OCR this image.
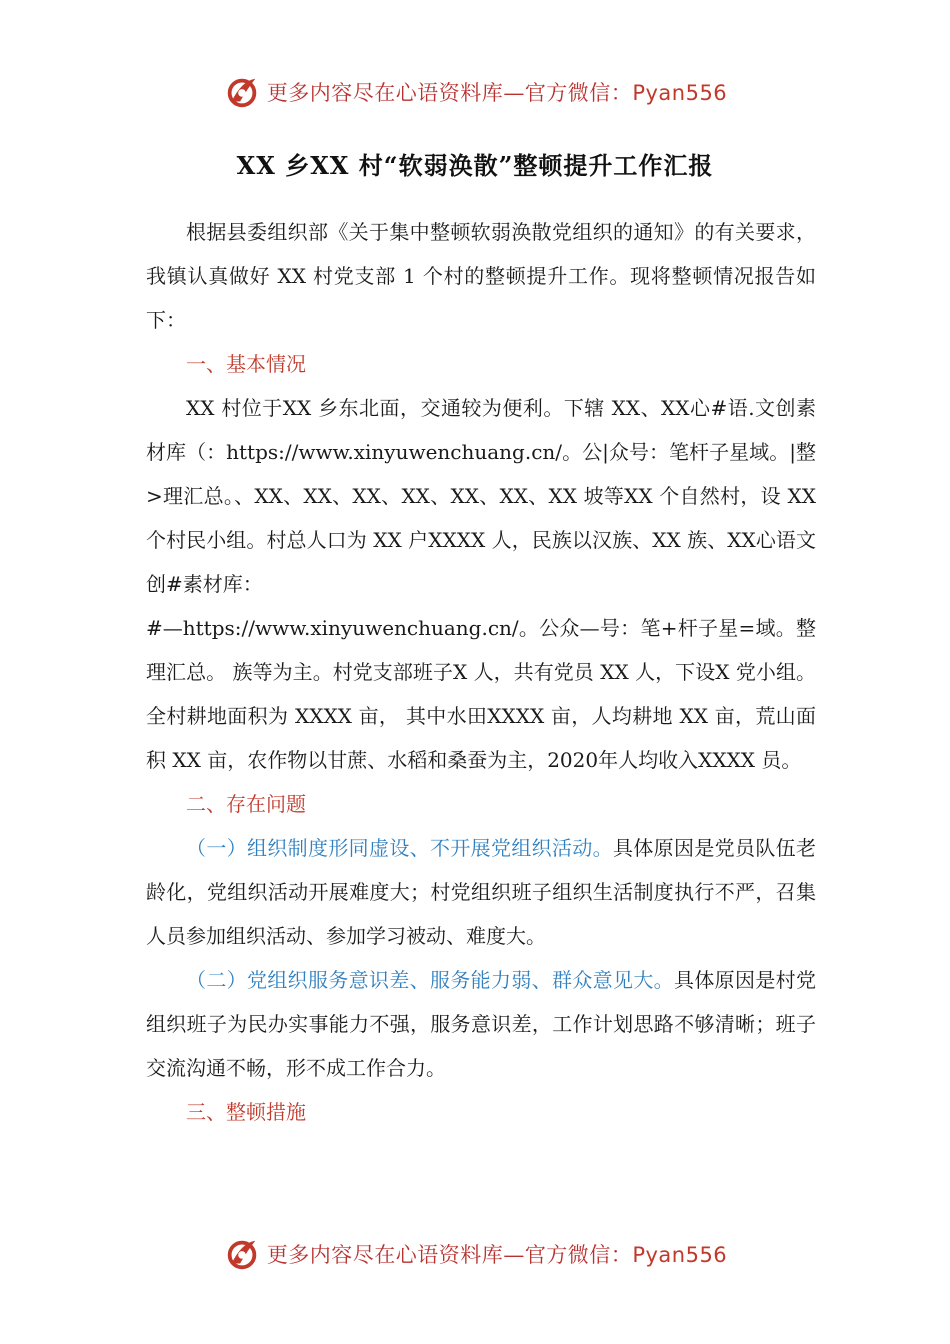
更多内容尽在心语资料库—官方微信：Pyan556
XX 乡XX 村“软弱涣散”整顿提升工作汇报

根据县委组织部《关于集中整顿软弱涣散党组织的通知》的有关要求，我镇认真做好 XX 村党支部 1 个村的整顿提升工作。现将整顿情况报告如下：

一、基本情况

XX 村位于XX 乡东北面，交通较为便利。下辖 XX、XX心#语.文创素材库（：https://www.xinyuwenchuang.cn/。公|众号：笔杆子星域。|整>理汇总。、XX、XX、XX、XX、XX、XX、XX 坡等XX 个自然村，设 XX 个村民小组。村总人口为 XX 户XXXX 人，民族以汉族、XX 族、XX心语文创#素材库：

#—https://www.xinyuwenchuang.cn/。公众—号：笔+杆子星=域。整理汇总。 族等为主。村党支部班子X 人，共有党员 XX 人，下设X 党小组。全村耕地面积为 XXXX 亩， 其中水田XXXX 亩，人均耕地 XX 亩，荒山面积 XX 亩，农作物以甘蔗、水稻和桑蚕为主，2020年人均收入XXXX 员。

二、存在问题

（一）组织制度形同虚设、不开展党组织活动。具体原因是党员队伍老龄化，党组织活动开展难度大；村党组织班子组织生活制度执行不严，召集人员参加组织活动、参加学习被动、难度大。

（二）党组织服务意识差、服务能力弱、群众意见大。具体原因是村党组织班子为民办实事能力不强，服务意识差，工作计划思路不够清晰；班子交流沟通不畅，形不成工作合力。

三、整顿措施

更多内容尽在心语资料库—官方微信：Pyan556
